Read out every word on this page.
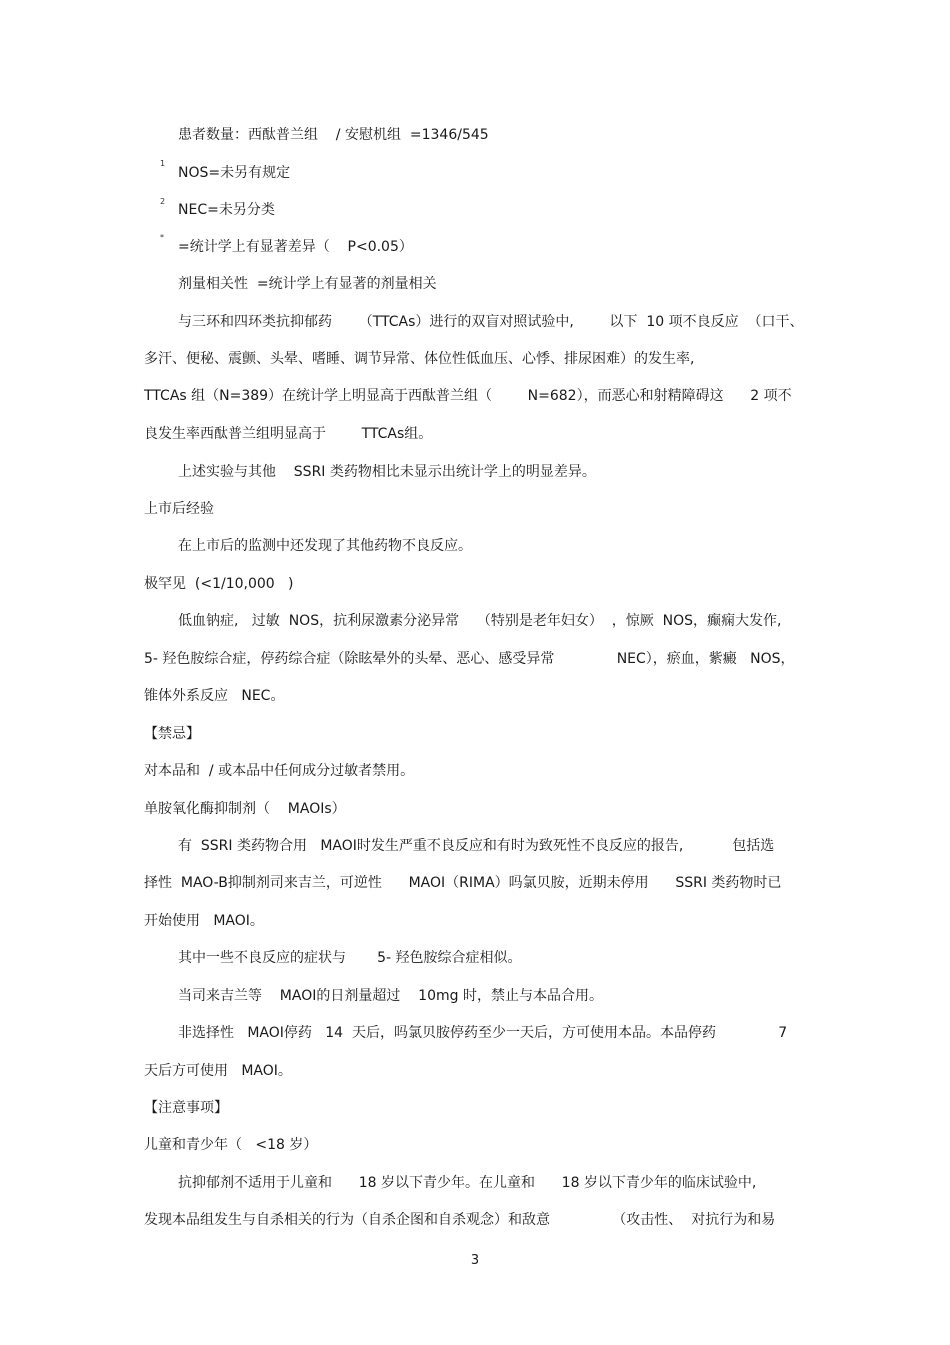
患者数量：西酞普兰组    / 安慰机组  =1346/545
1
NOS=未另有规定
2
NEC=未另分类
*
=统计学上有显著差异（    P<0.05）
剂量相关性  =统计学上有显著的剂量相关
与三环和四环类抗抑郁药      （TTCAs）进行的双盲对照试验中,        以下  10 项不良反应  （口干、
多汗、便秘、震颤、头晕、嗜睡、调节异常、体位性低血压、心悸、排尿困难）的发生率,
TTCAs 组（N=389）在统计学上明显高于西酞普兰组（        N=682），而恶心和射精障碍这      2 项不
良发生率西酞普兰组明显高于        TTCAs组。
上述实验与其他    SSRI 类药物相比未显示出统计学上的明显差异。
上市后经验
在上市后的监测中还发现了其他药物不良反应。
极罕见  (<1/10,000   )
低血钠症,   过敏  NOS，抗利尿激素分泌异常    （特别是老年妇女）  ，惊厥  NOS，癫痫大发作,
5- 羟色胺综合症，停药综合症（除眩晕外的头晕、恶心、感受异常              NEC），瘀血，紫癜   NOS，
锥体外系反应   NEC。
【禁忌】
对本品和  / 或本品中任何成分过敏者禁用。
单胺氧化酶抑制剂（    MAOIs）
有  SSRI 类药物合用   MAOI时发生严重不良反应和有时为致死性不良反应的报告,           包括选
择性  MAO-B抑制剂司来吉兰，可逆性      MAOI（RIMA）吗氯贝胺，近期未停用      SSRI 类药物时已
开始使用   MAOI。
其中一些不良反应的症状与       5- 羟色胺综合症相似。
当司来吉兰等    MAOI的日剂量超过    10mg 时，禁止与本品合用。
非选择性   MAOI停药   14  天后，吗氯贝胺停药至少一天后，方可使用本品。本品停药              7
天后方可使用   MAOI。
【注意事项】
儿童和青少年（   <18 岁）
抗抑郁剂不适用于儿童和      18 岁以下青少年。在儿童和      18 岁以下青少年的临床试验中,
发现本品组发生与自杀相关的行为（自杀企图和自杀观念）和敌意              （攻击性、  对抗行为和易
3
